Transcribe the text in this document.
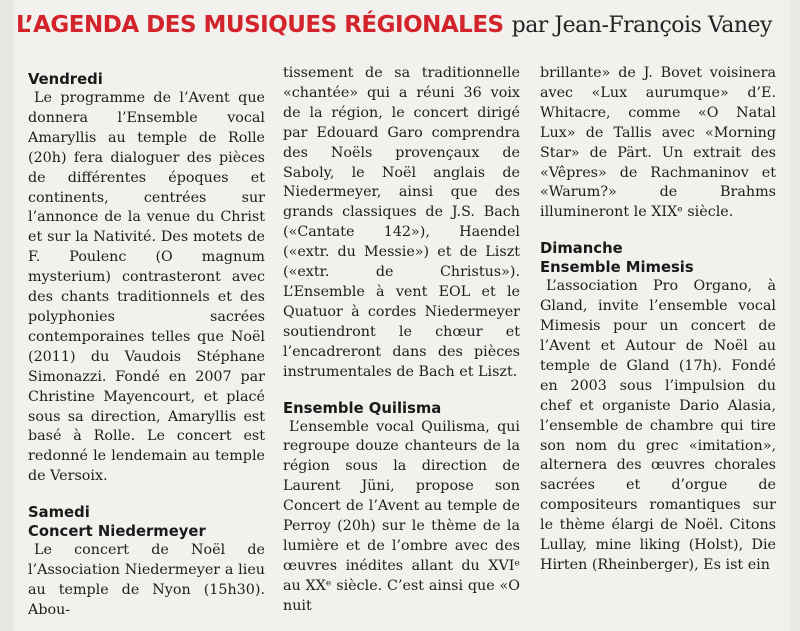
L’AGENDA DES MUSIQUES RÉGIONALES par Jean-François Vaney

Vendredi

Le programme de l’Avent que donnera l’Ensemble vocal Amaryllis au temple de Rolle (20h) fera dialoguer des pièces de différentes époques et continents, centrées sur l’annonce de la venue du Christ et sur la Nativité. Des motets de F. Poulenc (O magnum mysterium) contrasteront avec des chants traditionnels et des polyphonies sacrées contemporaines telles que Noël (2011) du Vaudois Stéphane Simonazzi. Fondé en 2007 par Christine Mayencourt, et placé sous sa direction, Amaryllis est basé à Rolle. Le concert est redonné le lendemain au temple de Versoix.

Samedi

Concert Niedermeyer

Le concert de Noël de l’Association Niedermeyer a lieu au temple de Nyon (15h30). Abou-

tissement de sa traditionnelle «chantée» qui a réuni 36 voix de la région, le concert dirigé par Edouard Garo comprendra des Noëls provençaux de Saboly, le Noël anglais de Niedermeyer, ainsi que des grands classiques de J.S. Bach («Cantate 142»), Haendel («extr. du Messie») et de Liszt («extr. de Christus»). L’Ensemble à vent EOL et le Quatuor à cordes Niedermeyer soutiendront le chœur et l’encadreront dans des pièces instrumentales de Bach et Liszt.

Ensemble Quilisma

L’ensemble vocal Quilisma, qui regroupe douze chanteurs de la région sous la direction de Laurent Jüni, propose son Concert de l’Avent au temple de Perroy (20h) sur le thème de la lumière et de l’ombre avec des œuvres inédites allant du XVIᵉ au XXᵉ siècle. C’est ainsi que «O nuit

brillante» de J. Bovet voisinera avec «Lux aurumque» d’E. Whitacre, comme «O Natal Lux» de Tallis avec «Morning Star» de Pärt. Un extrait des «Vêpres» de Rachmaninov et «Warum?» de Brahms illumineront le XIXᵉ siècle.

Dimanche

Ensemble Mimesis

L’association Pro Organo, à Gland, invite l’ensemble vocal Mimesis pour un concert de l’Avent et Autour de Noël au temple de Gland (17h). Fondé en 2003 sous l’impulsion du chef et organiste Dario Alasia, l’ensemble de chambre qui tire son nom du grec «imitation», alternera des œuvres chorales sacrées et d’orgue de compositeurs romantiques sur le thème élargi de Noël. Citons Lullay, mine liking (Holst), Die Hirten (Rheinberger), Es ist ein
